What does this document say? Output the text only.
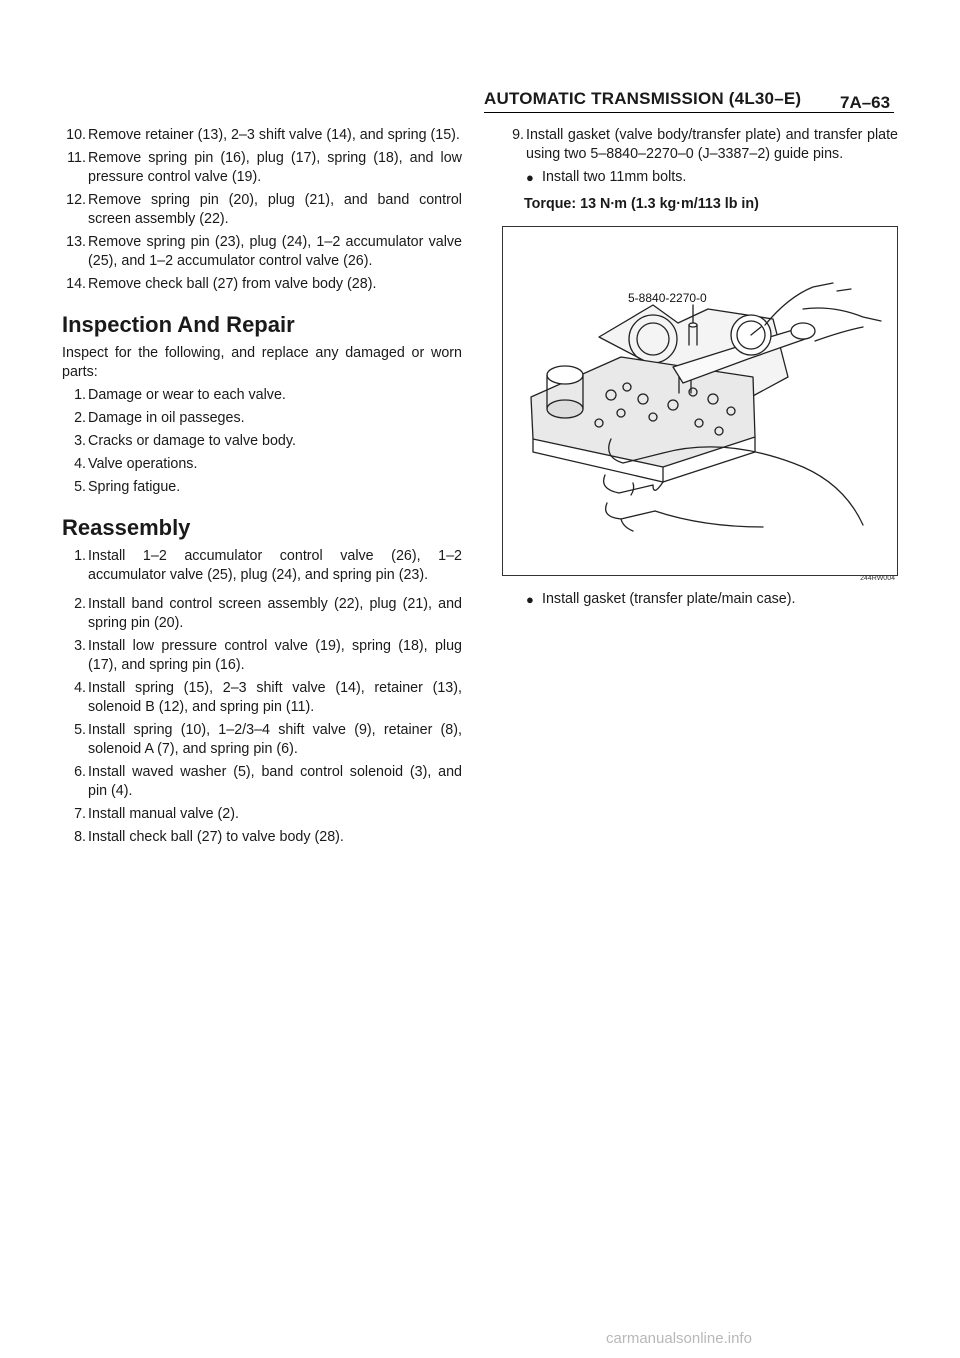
AUTOMATIC TRANSMISSION (4L30–E) 7A–63
10. Remove retainer (13), 2–3 shift valve (14), and spring (15).
11. Remove spring pin (16), plug (17), spring (18), and low pressure control valve (19).
12. Remove spring pin (20), plug (21), and band control screen assembly (22).
13. Remove spring pin (23), plug (24), 1–2 accumulator valve (25), and 1–2 accumulator control valve (26).
14. Remove check ball (27) from valve body (28).
Inspection And Repair
Inspect for the following, and replace any damaged or worn parts:
1. Damage or wear to each valve.
2. Damage in oil passeges.
3. Cracks or damage to valve body.
4. Valve operations.
5. Spring fatigue.
Reassembly
1. Install 1–2 accumulator control valve (26), 1–2 accumulator valve (25), plug (24), and spring pin (23).
2. Install band control screen assembly (22), plug (21), and spring pin (20).
3. Install low pressure control valve (19), spring (18), plug (17), and spring pin (16).
4. Install spring (15), 2–3 shift valve (14), retainer (13), solenoid B (12), and spring pin (11).
5. Install spring (10), 1–2/3–4 shift valve (9), retainer (8), solenoid A (7), and spring pin (6).
6. Install waved washer (5), band control solenoid (3), and pin (4).
7. Install manual valve (2).
8. Install check ball (27) to valve body (28).
9. Install gasket (valve body/transfer plate) and transfer plate using two 5–8840–2270–0 (J–3387–2) guide pins.
● Install two 11mm bolts.
Torque: 13 N∙m (1.3 kg·m/113 lb in)
5-8840-2270-0
244RW004
● Install gasket (transfer plate/main case).
carmanualsonline.info
